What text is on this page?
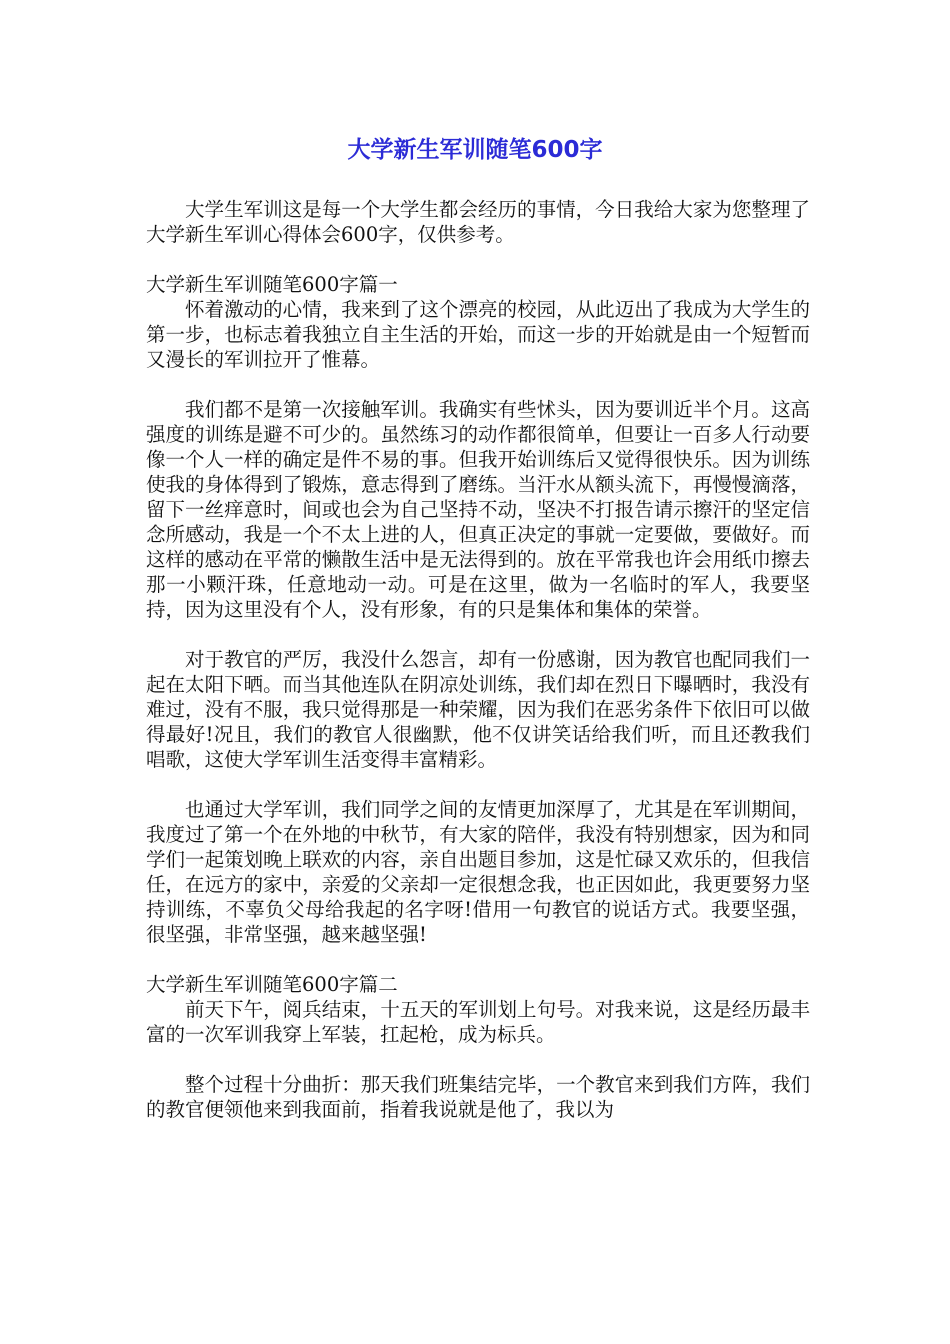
大学新生军训随笔600字

大学生军训这是每一个大学生都会经历的事情，今日我给大家为您整理了大学新生军训心得体会600字，仅供参考。

大学新生军训随笔600字篇一

怀着激动的心情，我来到了这个漂亮的校园，从此迈出了我成为大学生的第一步，也标志着我独立自主生活的开始，而这一步的开始就是由一个短暂而又漫长的军训拉开了惟幕。

我们都不是第一次接触军训。我确实有些怵头，因为要训近半个月。这高强度的训练是避不可少的。虽然练习的动作都很简单，但要让一百多人行动要像一个人一样的确定是件不易的事。但我开始训练后又觉得很快乐。因为训练使我的身体得到了锻炼，意志得到了磨练。当汗水从额头流下，再慢慢滴落，留下一丝痒意时，间或也会为自己坚持不动，坚决不打报告请示擦汗的坚定信念所感动，我是一个不太上进的人，但真正决定的事就一定要做，要做好。而这样的感动在平常的懒散生活中是无法得到的。放在平常我也许会用纸巾擦去那一小颗汗珠，任意地动一动。可是在这里，做为一名临时的军人，我要坚持，因为这里没有个人，没有形象，有的只是集体和集体的荣誉。

对于教官的严厉，我没什么怨言，却有一份感谢，因为教官也配同我们一起在太阳下晒。而当其他连队在阴凉处训练，我们却在烈日下曝晒时，我没有难过，没有不服，我只觉得那是一种荣耀，因为我们在恶劣条件下依旧可以做得最好!况且，我们的教官人很幽默，他不仅讲笑话给我们听，而且还教我们唱歌，这使大学军训生活变得丰富精彩。

也通过大学军训，我们同学之间的友情更加深厚了，尤其是在军训期间，我度过了第一个在外地的中秋节，有大家的陪伴，我没有特别想家，因为和同学们一起策划晚上联欢的内容，亲自出题目参加，这是忙碌又欢乐的，但我信任，在远方的家中，亲爱的父亲却一定很想念我，也正因如此，我更要努力坚持训练，不辜负父母给我起的名字呀!借用一句教官的说话方式。我要坚强，很坚强，非常坚强，越来越坚强!

大学新生军训随笔600字篇二

前天下午，阅兵结束，十五天的军训划上句号。对我来说，这是经历最丰富的一次军训我穿上军装，扛起枪，成为标兵。

整个过程十分曲折：那天我们班集结完毕，一个教官来到我们方阵，我们的教官便领他来到我面前，指着我说就是他了，我以为
